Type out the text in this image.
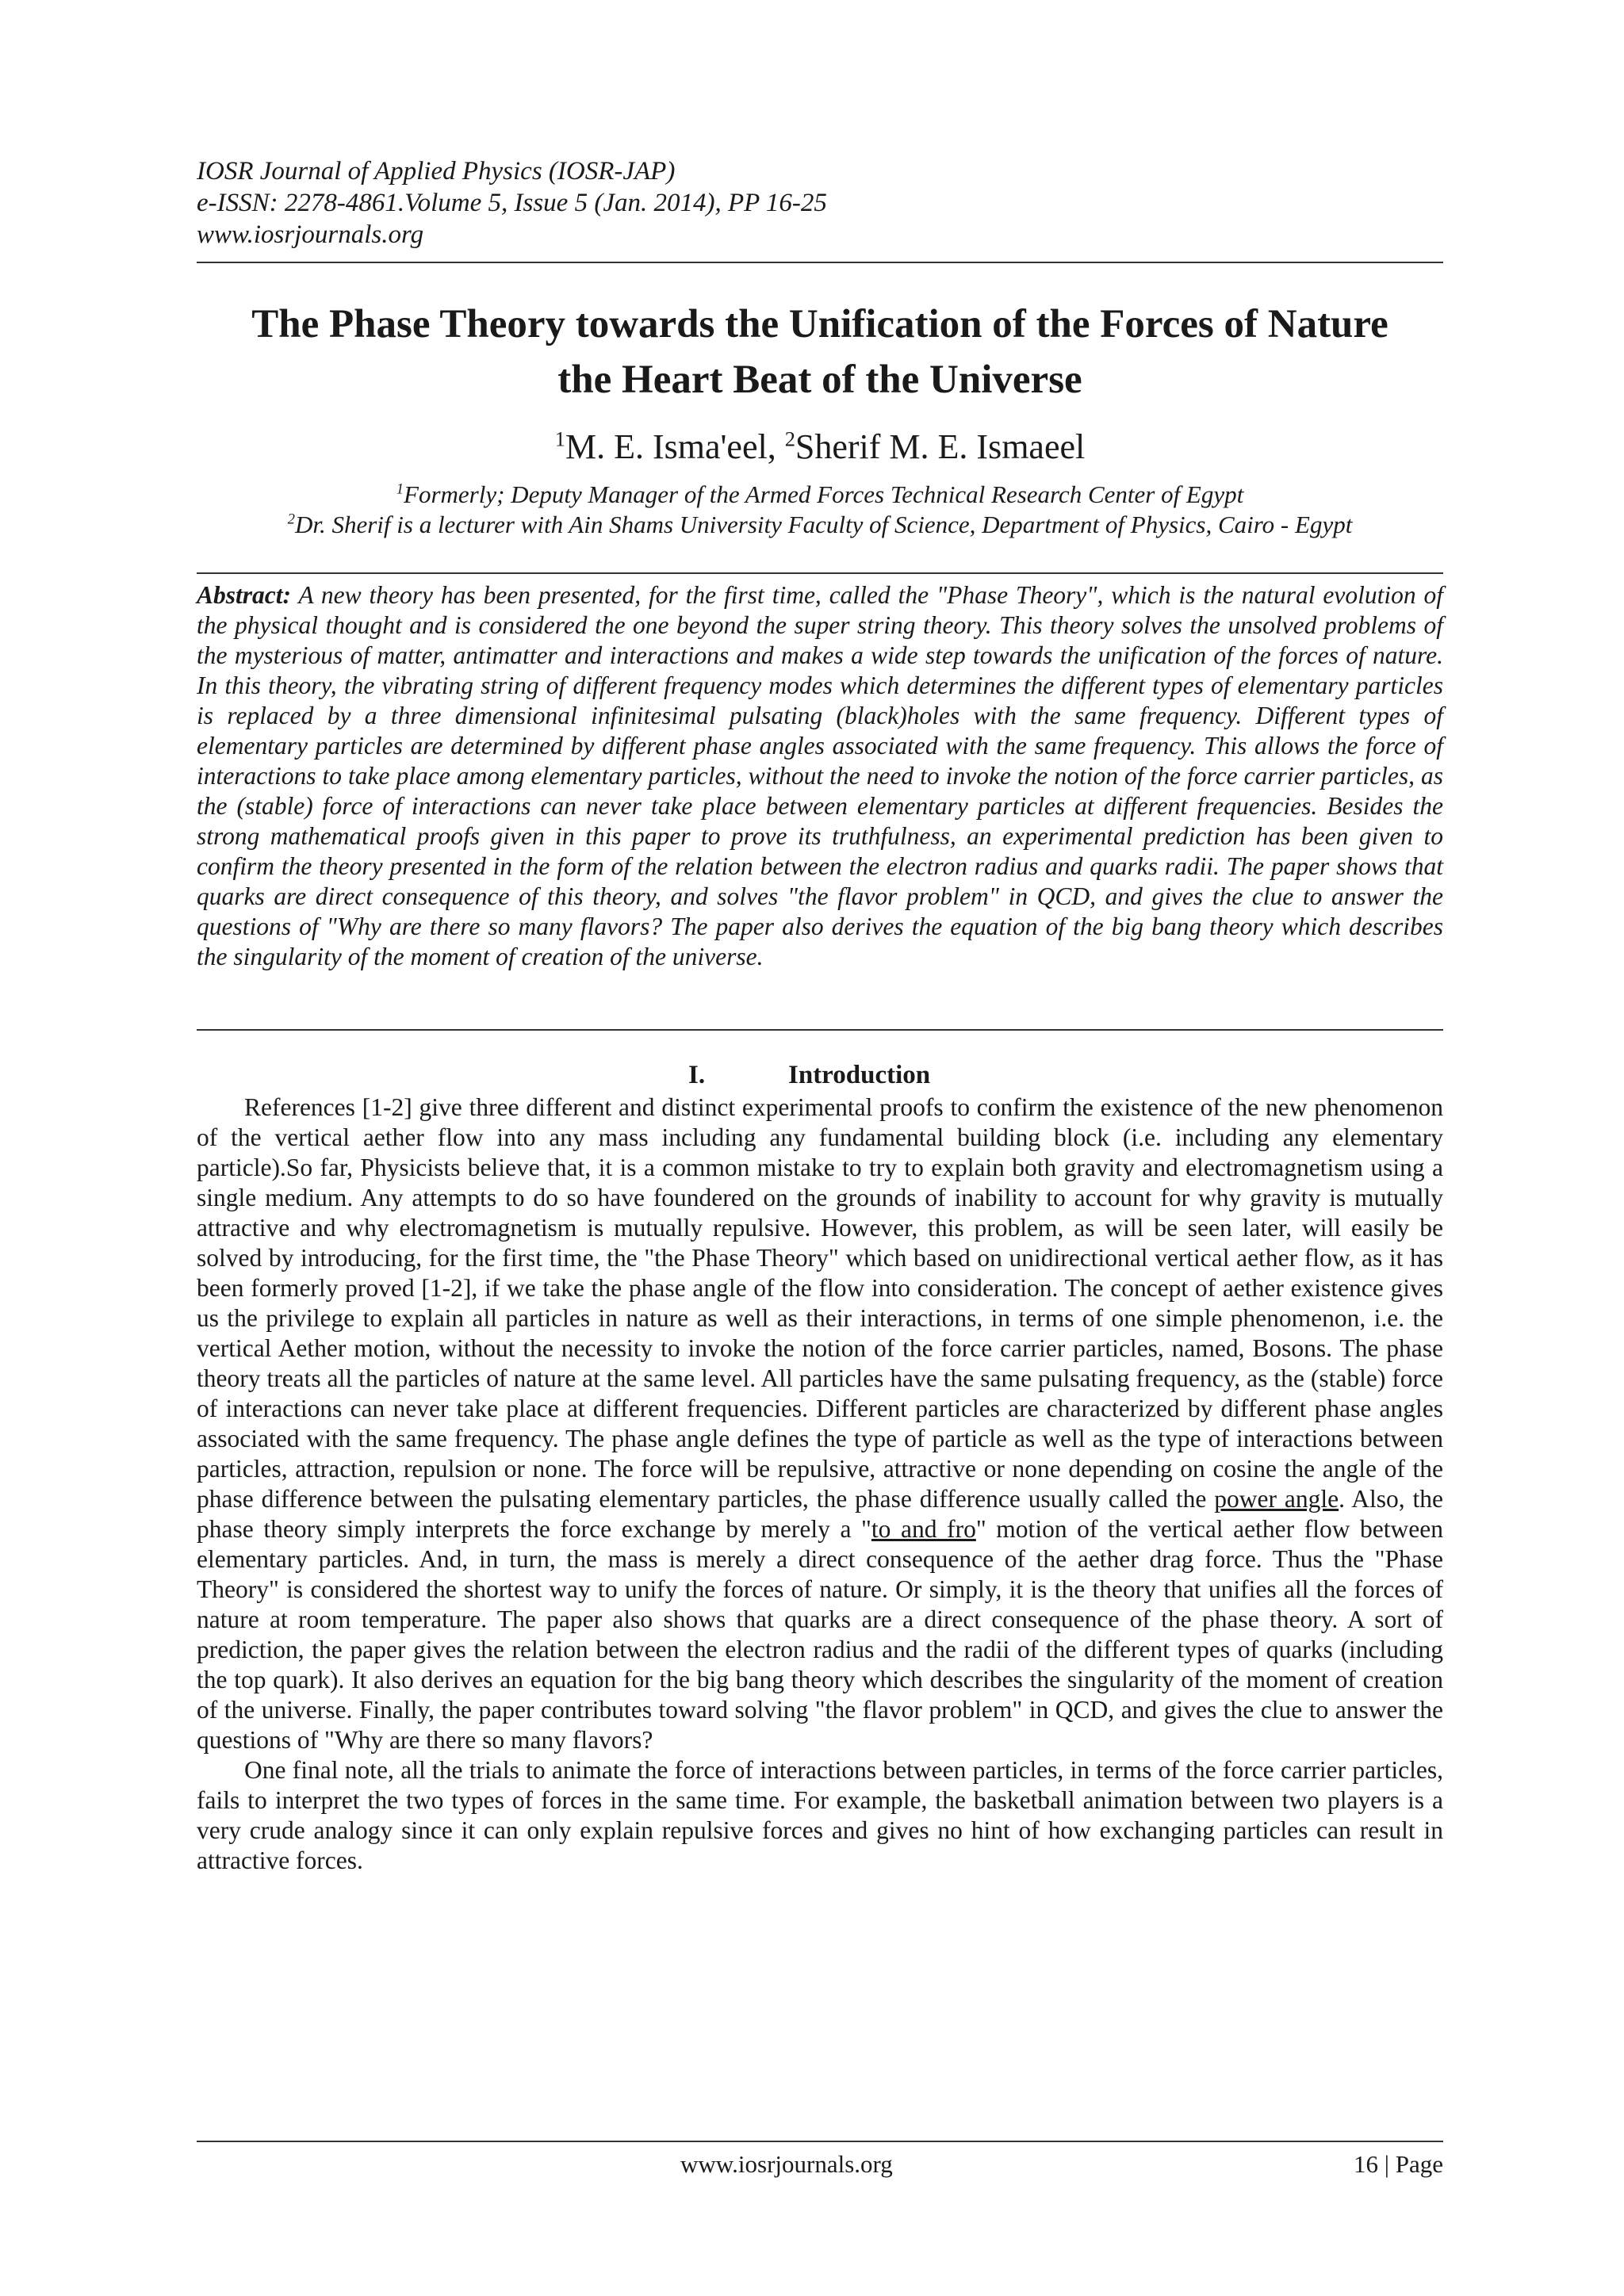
IOSR Journal of Applied Physics (IOSR-JAP)
e-ISSN: 2278-4861.Volume 5, Issue 5 (Jan. 2014), PP 16-25
www.iosrjournals.org
The Phase Theory towards the Unification of the Forces of Nature
the Heart Beat of the Universe
$^1$M. E. Isma'eel, $^2$Sherif M. E. Ismaeel
$^1$Formerly; Deputy Manager of the Armed Forces Technical Research Center of Egypt
$^2$Dr. Sherif is a lecturer with Ain Shams University Faculty of Science, Department of Physics, Cairo - Egypt
Abstract: A new theory has been presented, for the first time, called the "Phase Theory", which is the natural evolution of the physical thought and is considered the one beyond the super string theory. This theory solves the unsolved problems of the mysterious of matter, antimatter and interactions and makes a wide step towards the unification of the forces of nature. In this theory, the vibrating string of different frequency modes which determines the different types of elementary particles is replaced by a three dimensional infinitesimal pulsating (black)holes with the same frequency. Different types of elementary particles are determined by different phase angles associated with the same frequency. This allows the force of interactions to take place among elementary particles, without the need to invoke the notion of the force carrier particles, as the (stable) force of interactions can never take place between elementary particles at different frequencies. Besides the strong mathematical proofs given in this paper to prove its truthfulness, an experimental prediction has been given to confirm the theory presented in the form of the relation between the electron radius and quarks radii. The paper shows that quarks are direct consequence of this theory, and solves "the flavor problem" in QCD, and gives the clue to answer the questions of "Why are there so many flavors? The paper also derives the equation of the big bang theory which describes the singularity of the moment of creation of the universe.
I.	Introduction

References [1-2] give three different and distinct experimental proofs to confirm the existence of the new phenomenon of the vertical aether flow into any mass including any fundamental building block (i.e. including any elementary particle).So far, Physicists believe that, it is a common mistake to try to explain both gravity and electromagnetism using a single medium. Any attempts to do so have foundered on the grounds of inability to account for why gravity is mutually attractive and why electromagnetism is mutually repulsive. However, this problem, as will be seen later, will easily be solved by introducing, for the first time, the "the Phase Theory" which based on unidirectional vertical aether flow, as it has been formerly proved [1-2], if we take the phase angle of the flow into consideration. The concept of aether existence gives us the privilege to explain all particles in nature as well as their interactions, in terms of one simple phenomenon, i.e. the vertical Aether motion, without the necessity to invoke the notion of the force carrier particles, named, Bosons. The phase theory treats all the particles of nature at the same level. All particles have the same pulsating frequency, as the (stable) force of interactions can never take place at different frequencies. Different particles are characterized by different phase angles associated with the same frequency. The phase angle defines the type of particle as well as the type of interactions between particles, attraction, repulsion or none. The force will be repulsive, attractive or none depending on cosine the angle of the phase difference between the pulsating elementary particles, the phase difference usually called the power angle. Also, the phase theory simply interprets the force exchange by merely a "to and fro" motion of the vertical aether flow between elementary particles. And, in turn, the mass is merely a direct consequence of the aether drag force. Thus the "Phase Theory" is considered the shortest way to unify the forces of nature. Or simply, it is the theory that unifies all the forces of nature at room temperature. The paper also shows that quarks are a direct consequence of the phase theory. A sort of prediction, the paper gives the relation between the electron radius and the radii of the different types of quarks (including the top quark). It also derives an equation for the big bang theory which describes the singularity of the moment of creation of the universe. Finally, the paper contributes toward solving "the flavor problem" in QCD, and gives the clue to answer the questions of "Why are there so many flavors?

One final note, all the trials to animate the force of interactions between particles, in terms of the force carrier particles, fails to interpret the two types of forces in the same time. For example, the basketball animation between two players is a very crude analogy since it can only explain repulsive forces and gives no hint of how exchanging particles can result in attractive forces.

www.iosrjournals.org	16 | Page
